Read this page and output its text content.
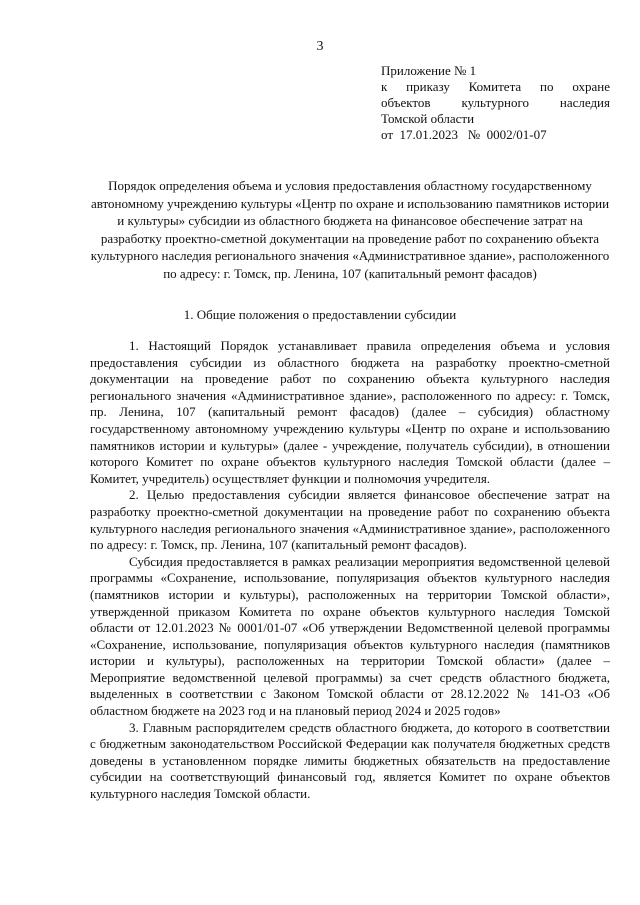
3
Приложение № 1
к приказу Комитета по охране
объектов культурного наследия
Томской области
от  17.01.2023   №  0002/01-07
Порядок определения объема и условия предоставления областному государственному автономному учреждению культуры «Центр по охране и использованию памятников истории и культуры» субсидии из областного бюджета на финансовое обеспечение затрат на разработку проектно-сметной документации на проведение работ по сохранению объекта культурного наследия регионального значения «Административное здание», расположенного по адресу: г. Томск, пр. Ленина, 107 (капитальный ремонт фасадов)
1. Общие положения о предоставлении субсидии

1. Настоящий Порядок устанавливает правила определения объема и условия предоставления субсидии из областного бюджета на разработку проектно-сметной документации на проведение работ по сохранению объекта культурного наследия регионального значения «Административное здание», расположенного по адресу: г. Томск, пр. Ленина, 107 (капитальный ремонт фасадов) (далее – субсидия) областному государственному автономному учреждению культуры «Центр по охране и использованию памятников истории и культуры» (далее - учреждение, получатель субсидии), в отношении которого Комитет по охране объектов культурного наследия Томской области (далее – Комитет, учредитель) осуществляет функции и полномочия учредителя.

2. Целью предоставления субсидии является финансовое обеспечение затрат на разработку проектно-сметной документации на проведение работ по сохранению объекта культурного наследия регионального значения «Административное здание», расположенного по адресу: г. Томск, пр. Ленина, 107 (капитальный ремонт фасадов).

Субсидия предоставляется в рамках реализации мероприятия ведомственной целевой программы «Сохранение, использование, популяризация объектов культурного наследия (памятников истории и культуры), расположенных на территории Томской области», утвержденной приказом Комитета по охране объектов культурного наследия Томской области от 12.01.2023 № 0001/01-07 «Об утверждении Ведомственной целевой программы «Сохранение, использование, популяризация объектов культурного наследия (памятников истории и культуры), расположенных на территории Томской области» (далее – Мероприятие ведомственной целевой программы) за счет средств областного бюджета, выделенных в соответствии с Законом Томской области от 28.12.2022 № 141-ОЗ «Об областном бюджете на 2023 год и на плановый период 2024 и 2025 годов»

3. Главным распорядителем средств областного бюджета, до которого в соответствии с бюджетным законодательством Российской Федерации как получателя бюджетных средств доведены в установленном порядке лимиты бюджетных обязательств на предоставление субсидии на соответствующий финансовый год, является Комитет по охране объектов культурного наследия Томской области.
